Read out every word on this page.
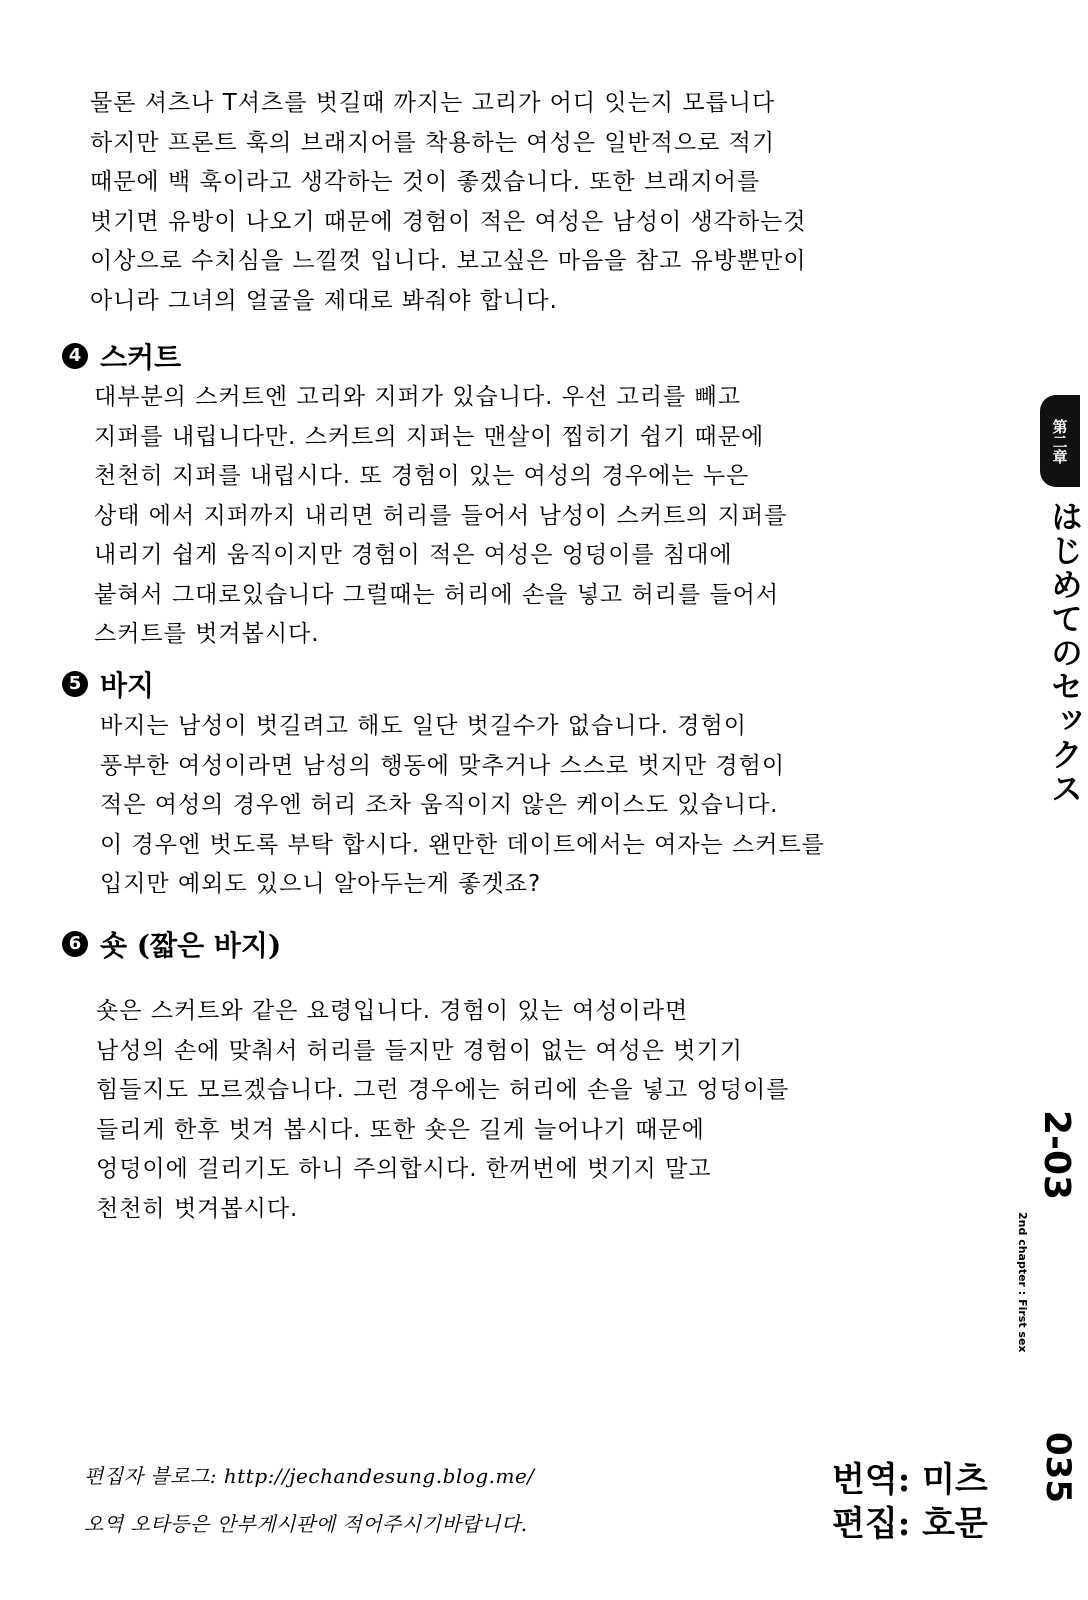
물론 셔츠나 T셔츠를 벗길때 까지는 고리가 어디 잇는지 모릅니다
하지만 프론트 훅의 브래지어를 착용하는 여성은 일반적으로 적기
때문에 백 훅이라고 생각하는 것이 좋겠습니다. 또한 브래지어를
벗기면 유방이 나오기 때문에 경험이 적은 여성은 남성이 생각하는것
이상으로 수치심을 느낄껏 입니다. 보고싶은 마음을 참고 유방뿐만이
아니라 그녀의 얼굴을 제대로 봐줘야 합니다.
4 스커트
대부분의 스커트엔 고리와 지퍼가 있습니다. 우선 고리를 빼고
지퍼를 내립니다만. 스커트의 지퍼는 맨살이 찝히기 쉽기 때문에
천천히 지퍼를 내립시다. 또 경험이 있는 여성의 경우에는 누은
상태 에서 지퍼까지 내리면 허리를 들어서 남성이 스커트의 지퍼를
내리기 쉽게 움직이지만 경험이 적은 여성은 엉덩이를 침대에
붙혀서 그대로있습니다 그럴때는 허리에 손을 넣고 허리를 들어서
스커트를 벗겨봅시다.
5 바지
바지는 남성이 벗길려고 해도 일단 벗길수가 없습니다. 경험이
풍부한 여성이라면 남성의 행동에 맞추거나 스스로 벗지만 경험이
적은 여성의 경우엔 허리 조차 움직이지 않은 케이스도 있습니다.
이 경우엔 벗도록 부탁 합시다. 왠만한 데이트에서는 여자는 스커트를
입지만 예외도 있으니 알아두는게 좋겟죠?
6 숏 (짧은 바지)
숏은 스커트와 같은 요령입니다. 경험이 있는 여성이라면
남성의 손에 맞춰서 허리를 들지만 경험이 없는 여성은 벗기기
힘들지도 모르겠습니다. 그런 경우에는 허리에 손을 넣고 엉덩이를
들리게 한후 벗겨 봅시다. 또한 숏은 길게 늘어나기 때문에
엉덩이에 걸리기도 하니 주의합시다. 한꺼번에 벗기지 말고
천천히 벗겨봅시다.
第二章
はじめてのセックス
2-03
2nd chapter : First sex
035
편집자 블로그: http://jechandesung.blog.me/
오역 오타등은 안부게시판에 적어주시기바랍니다.
번역: 미츠
편집: 호문
